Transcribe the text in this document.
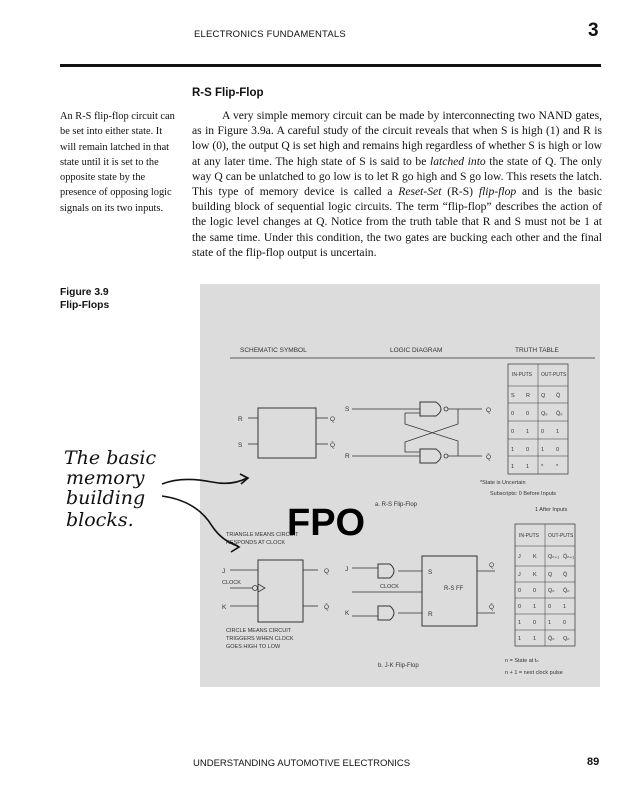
ELECTRONICS FUNDAMENTALS	3
R-S Flip-Flop
An R-S flip-flop circuit can be set into either state. It will remain latched in that state until it is set to the opposite state by the presence of opposing logic signals on its two inputs.

A very simple memory circuit can be made by interconnecting two NAND gates, as in Figure 3.9a. A careful study of the circuit reveals that when S is high (1) and R is low (0), the output Q is set high and remains high regardless of whether S is high or low at any later time. The high state of S is said to be latched into the state of Q. The only way Q can be unlatched to go low is to let R go high and S go low. This resets the latch. This type of memory device is called a Reset-Set (R-S) flip-flop and is the basic building block of sequential logic circuits. The term “flip-flop” describes the action of the logic level changes at Q. Notice from the truth table that R and S must not be 1 at the same time. Under this condition, the two gates are bucking each other and the final state of the flip-flop output is uncertain.

Figure 3.9
Flip-Flops
SCHEMATIC SYMBOL	LOGIC DIAGRAM	TRUTH TABLE
R
S
Q
Q̄
S
R
Q
Q̄
a. R-S Flip-Flop
IN-PUTS OUT-PUTS
S R Q Q̄
0 0 Q₀ Q̄₀
0 1 0 1
1 0 1 0
1 1 * *
*State is Uncertain
Subscripts: 0 Before Inputs
1 After Inputs
TRIANGLE MEANS CIRCUIT
RESPONDS AT CLOCK
J
CLOCK
K
Q
Q̄
CIRCLE MEANS CIRCUIT
TRIGGERS WHEN CLOCK
GOES HIGH TO LOW
J
K
S
R
R-S FF
CLOCK
Q
Q̄
b. J-K Flip-Flop
IN-PUTS OUT-PUTS
J K Qₙ₊₁ Q̄ₙ₊₁
J K Q Q̄
0 0 Qₙ Q̄ₙ
0 1 0 1
1 0 1 0
1 1 Q̄ₙ Qₙ
n = State at tₙ
n + 1 = next clock pulse
FPO
The basic
memory
building
blocks.
UNDERSTANDING AUTOMOTIVE ELECTRONICS	89
